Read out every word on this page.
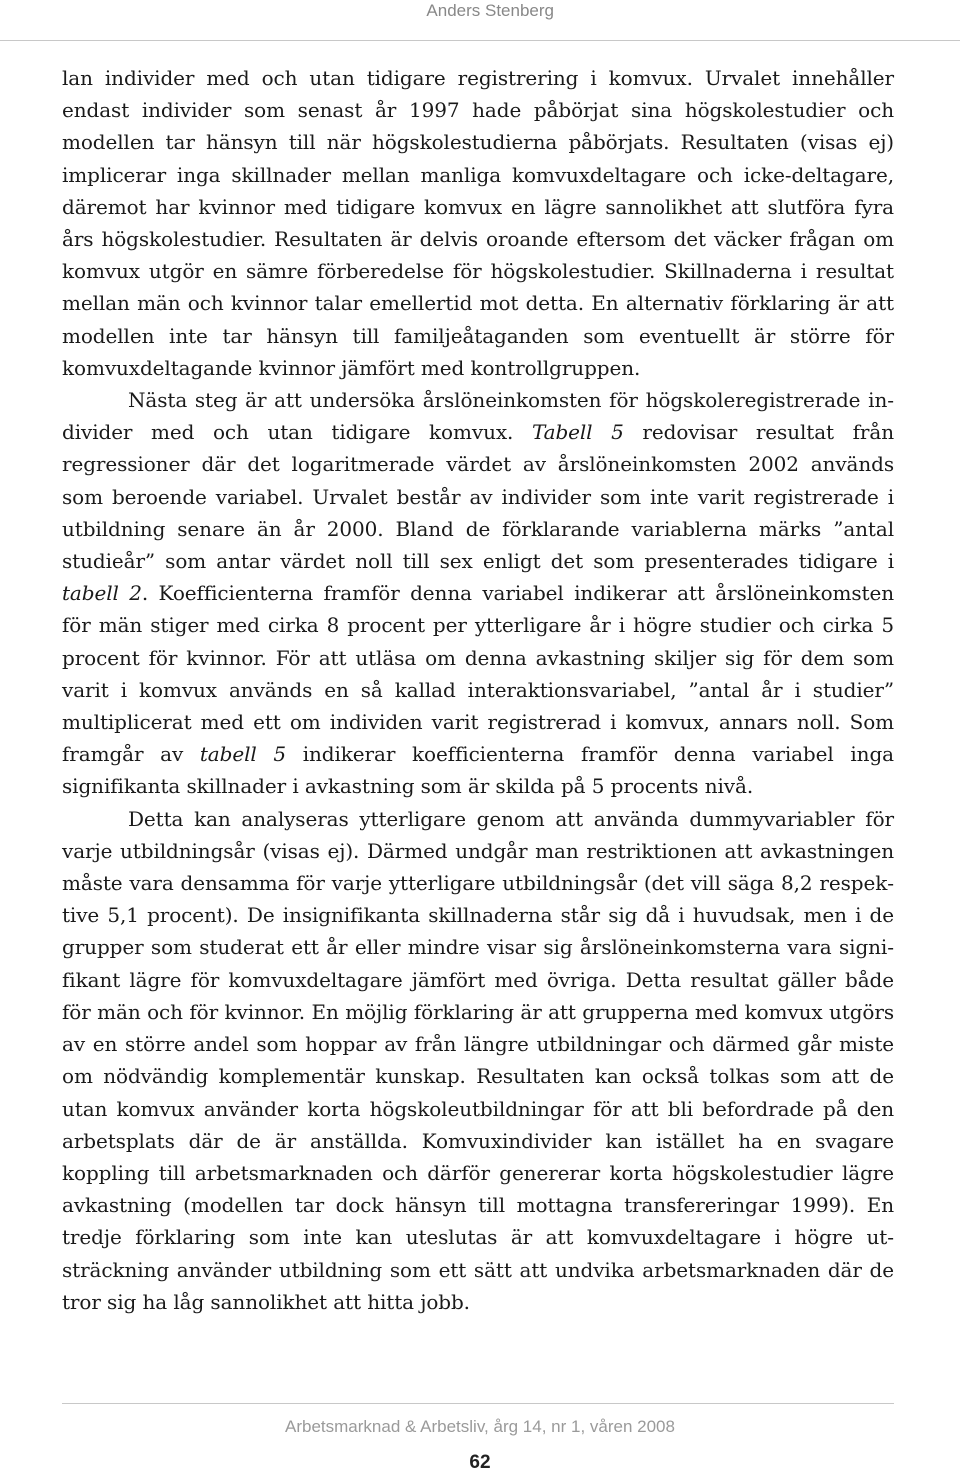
Anders Stenberg

lan individer med och utan tidigare registrering i komvux. Urvalet innehåller endast individer som senast år 1997 hade påbörjat sina högskolestudier och modellen tar hänsyn till när högskolestudierna påbörjats. Resultaten (visas ej) implicerar inga skillnader mellan manliga komvuxdeltagare och icke-deltagare, däremot har kvinnor med tidigare komvux en lägre sannolikhet att slutföra fyra års högskolestudier. Resultaten är delvis oroande eftersom det väcker frågan om komvux utgör en sämre förberedelse för högskolestudier. Skillnaderna i resultat mellan män och kvinnor talar emellertid mot detta. En alternativ förklaring är att modellen inte tar hänsyn till familjeåtaganden som eventuellt är större för komvuxdeltagande kvinnor jämfört med kontrollgruppen.

Nästa steg är att undersöka årslöneinkomsten för högskoleregistrerade individer med och utan tidigare komvux. Tabell 5 redovisar resultat från regressioner där det logaritmerade värdet av årslöneinkomsten 2002 används som beroende variabel. Urvalet består av individer som inte varit registrerade i utbildning senare än år 2000. Bland de förklarande variablerna märks ”antal studieår” som antar värdet noll till sex enligt det som presenterades tidigare i tabell 2. Koefficienterna framför denna variabel indikerar att årslöneinkomsten för män stiger med cirka 8 procent per ytterligare år i högre studier och cirka 5 procent för kvinnor. För att utläsa om denna avkastning skiljer sig för dem som varit i komvux används en så kallad interaktionsvariabel, ”antal år i studier” multiplicerat med ett om individen varit registrerad i komvux, annars noll. Som framgår av tabell 5 indikerar koefficienterna framför denna variabel inga signifikanta skillnader i avkastning som är skilda på 5 procents nivå.

Detta kan analyseras ytterligare genom att använda dummyvariabler för varje utbildningsår (visas ej). Därmed undgår man restriktionen att avkastningen måste vara densamma för varje ytterligare utbildningsår (det vill säga 8,2 respektive 5,1 procent). De insignifikanta skillnaderna står sig då i huvudsak, men i de grupper som studerat ett år eller mindre visar sig årslöneinkomsterna vara signifikant lägre för komvuxdeltagare jämfört med övriga. Detta resultat gäller både för män och för kvinnor. En möjlig förklaring är att grupperna med komvux utgörs av en större andel som hoppar av från längre utbildningar och därmed går miste om nödvändig komplementär kunskap. Resultaten kan också tolkas som att de utan komvux använder korta högskoleutbildningar för att bli befordrade på den arbetsplats där de är anställda. Komvuxindivider kan istället ha en svagare koppling till arbetsmarknaden och därför genererar korta högskolestudier lägre avkastning (modellen tar dock hänsyn till mottagna transfereringar 1999). En tredje förklaring som inte kan uteslutas är att komvuxdeltagare i högre utsträckning använder utbildning som ett sätt att undvika arbetsmarknaden där de tror sig ha låg sannolikhet att hitta jobb.

Arbetsmarknad & Arbetsliv, årg 14, nr 1, våren 2008
62
